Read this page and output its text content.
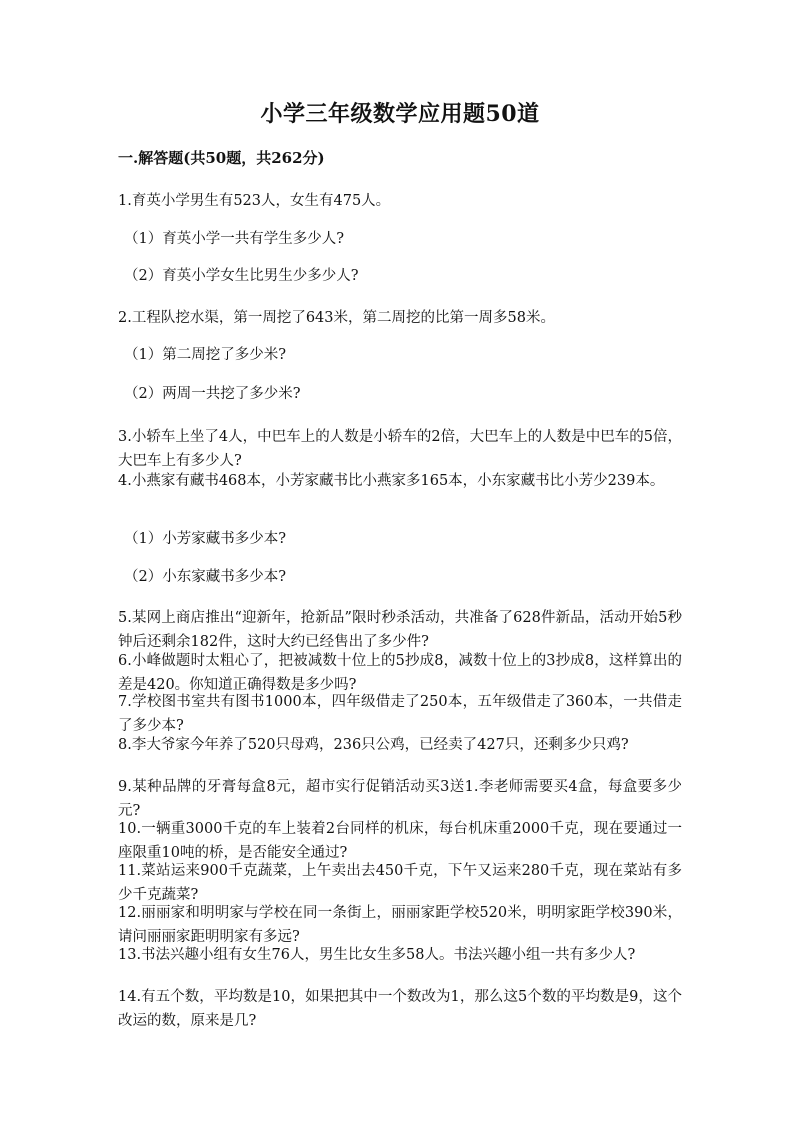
小学三年级数学应用题50道
一.解答题(共50题，共262分)
1.育英小学男生有523人，女生有475人。
（1）育英小学一共有学生多少人?
（2）育英小学女生比男生少多少人?
2.工程队挖水渠，第一周挖了643米，第二周挖的比第一周多58米。
（1）第二周挖了多少米?
（2）两周一共挖了多少米?
3.小轿车上坐了4人，中巴车上的人数是小轿车的2倍，大巴车上的人数是中巴车的5倍，大巴车上有多少人?
4.小燕家有藏书468本，小芳家藏书比小燕家多165本，小东家藏书比小芳少239本。
（1）小芳家藏书多少本?
（2）小东家藏书多少本?
5.某网上商店推出“迎新年，抢新品”限时秒杀活动，共准备了628件新品，活动开始5秒钟后还剩余182件，这时大约已经售出了多少件?
6.小峰做题时太粗心了，把被减数十位上的5抄成8，减数十位上的3抄成8，这样算出的差是420。你知道正确得数是多少吗?
7.学校图书室共有图书1000本，四年级借走了250本，五年级借走了360本，一共借走了多少本?
8.李大爷家今年养了520只母鸡，236只公鸡，已经卖了427只，还剩多少只鸡?
9.某种品牌的牙膏每盒8元，超市实行促销活动买3送1.李老师需要买4盒，每盒要多少元?
10.一辆重3000千克的车上装着2台同样的机床，每台机床重2000千克，现在要通过一座限重10吨的桥，是否能安全通过?
11.菜站运来900千克蔬菜，上午卖出去450千克，下午又运来280千克，现在菜站有多少千克蔬菜?
12.丽丽家和明明家与学校在同一条街上，丽丽家距学校520米，明明家距学校390米，请问丽丽家距明明家有多远?
13.书法兴趣小组有女生76人，男生比女生多58人。书法兴趣小组一共有多少人?
14.有五个数，平均数是10，如果把其中一个数改为1，那么这5个数的平均数是9，这个改运的数，原来是几?
